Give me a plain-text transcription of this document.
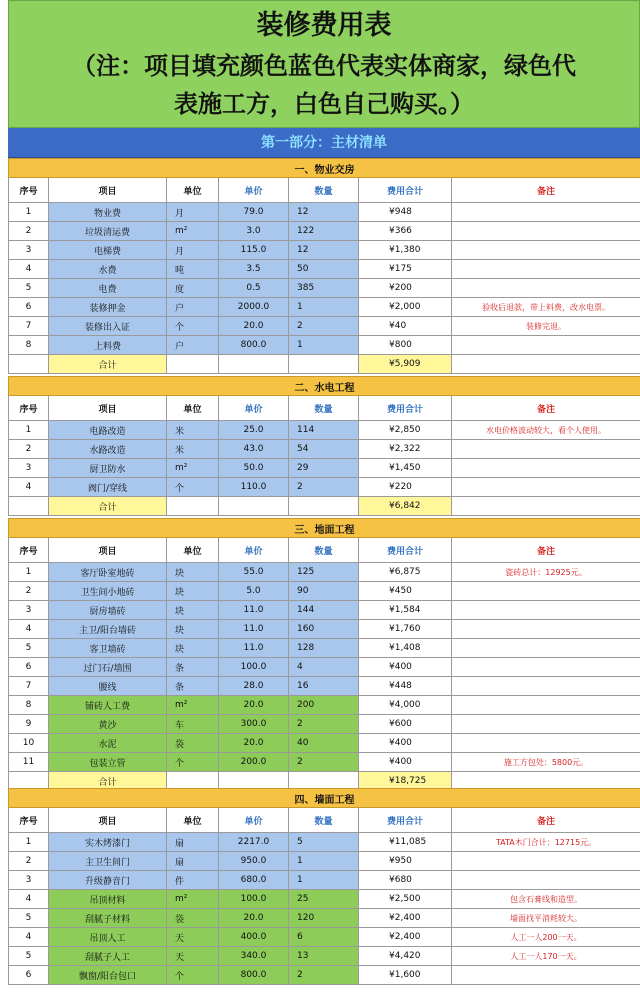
装修费用表
（注：项目填充颜色蓝色代表实体商家，绿色代
表施工方，白色自己购买。）
第一部分：主材清单
一、物业交房						
序号	项目	单位	单价	数量	费用合计	备注
1	物业费	月	79.0	12	¥948	
2	垃圾清运费	m²	3.0	122	¥366	
3	电梯费	月	115.0	12	¥1,380	
4	水费	吨	3.5	50	¥175	
5	电费	度	0.5	385	¥200	
6	装修押金	户	2000.0	1	¥2,000	验收后退款，带上料费，改水电票。
7	装修出入证	个	20.0	2	¥40	装修完退。
8	上料费	户	800.0	1	¥800	
	合计				¥5,909	
二、水电工程						
序号	项目	单位	单价	数量	费用合计	备注
1	电路改造	米	25.0	114	¥2,850	水电价格波动较大，看个人使用。
2	水路改造	米	43.0	54	¥2,322	
3	厨卫防水	m²	50.0	29	¥1,450	
4	阀门/穿线	个	110.0	2	¥220	
	合计				¥6,842	
三、地面工程						
序号	项目	单位	单价	数量	费用合计	备注
1	客厅卧室地砖	块	55.0	125	¥6,875	瓷砖总计：12925元。
2	卫生间小地砖	块	5.0	90	¥450	
3	厨房墙砖	块	11.0	144	¥1,584	
4	主卫/阳台墙砖	块	11.0	160	¥1,760	
5	客卫墙砖	块	11.0	128	¥1,408	
6	过门石/墙围	条	100.0	4	¥400	
7	腰线	条	28.0	16	¥448	
8	铺砖人工费	m²	20.0	200	¥4,000	
9	黄沙	车	300.0	2	¥600	
10	水泥	袋	20.0	40	¥400	
11	包装立管	个	200.0	2	¥400	施工方包处：5800元。
	合计				¥18,725	
四、墙面工程						
序号	项目	单位	单价	数量	费用合计	备注
1	实木烤漆门	扇	2217.0	5	¥11,085	TATA木门合计：12715元。
2	主卫生间门	扇	950.0	1	¥950	
3	升级静音门	件	680.0	1	¥680	
4	吊顶材料	m²	100.0	25	¥2,500	包含石膏线和造型。
5	刮腻子材料	袋	20.0	120	¥2,400	墙面找平消耗较大。
4	吊顶人工	天	400.0	6	¥2,400	人工一人200一天。
5	刮腻子人工	天	340.0	13	¥4,420	人工一人170一天。
6	飘窗/阳台包口	个	800.0	2	¥1,600	
